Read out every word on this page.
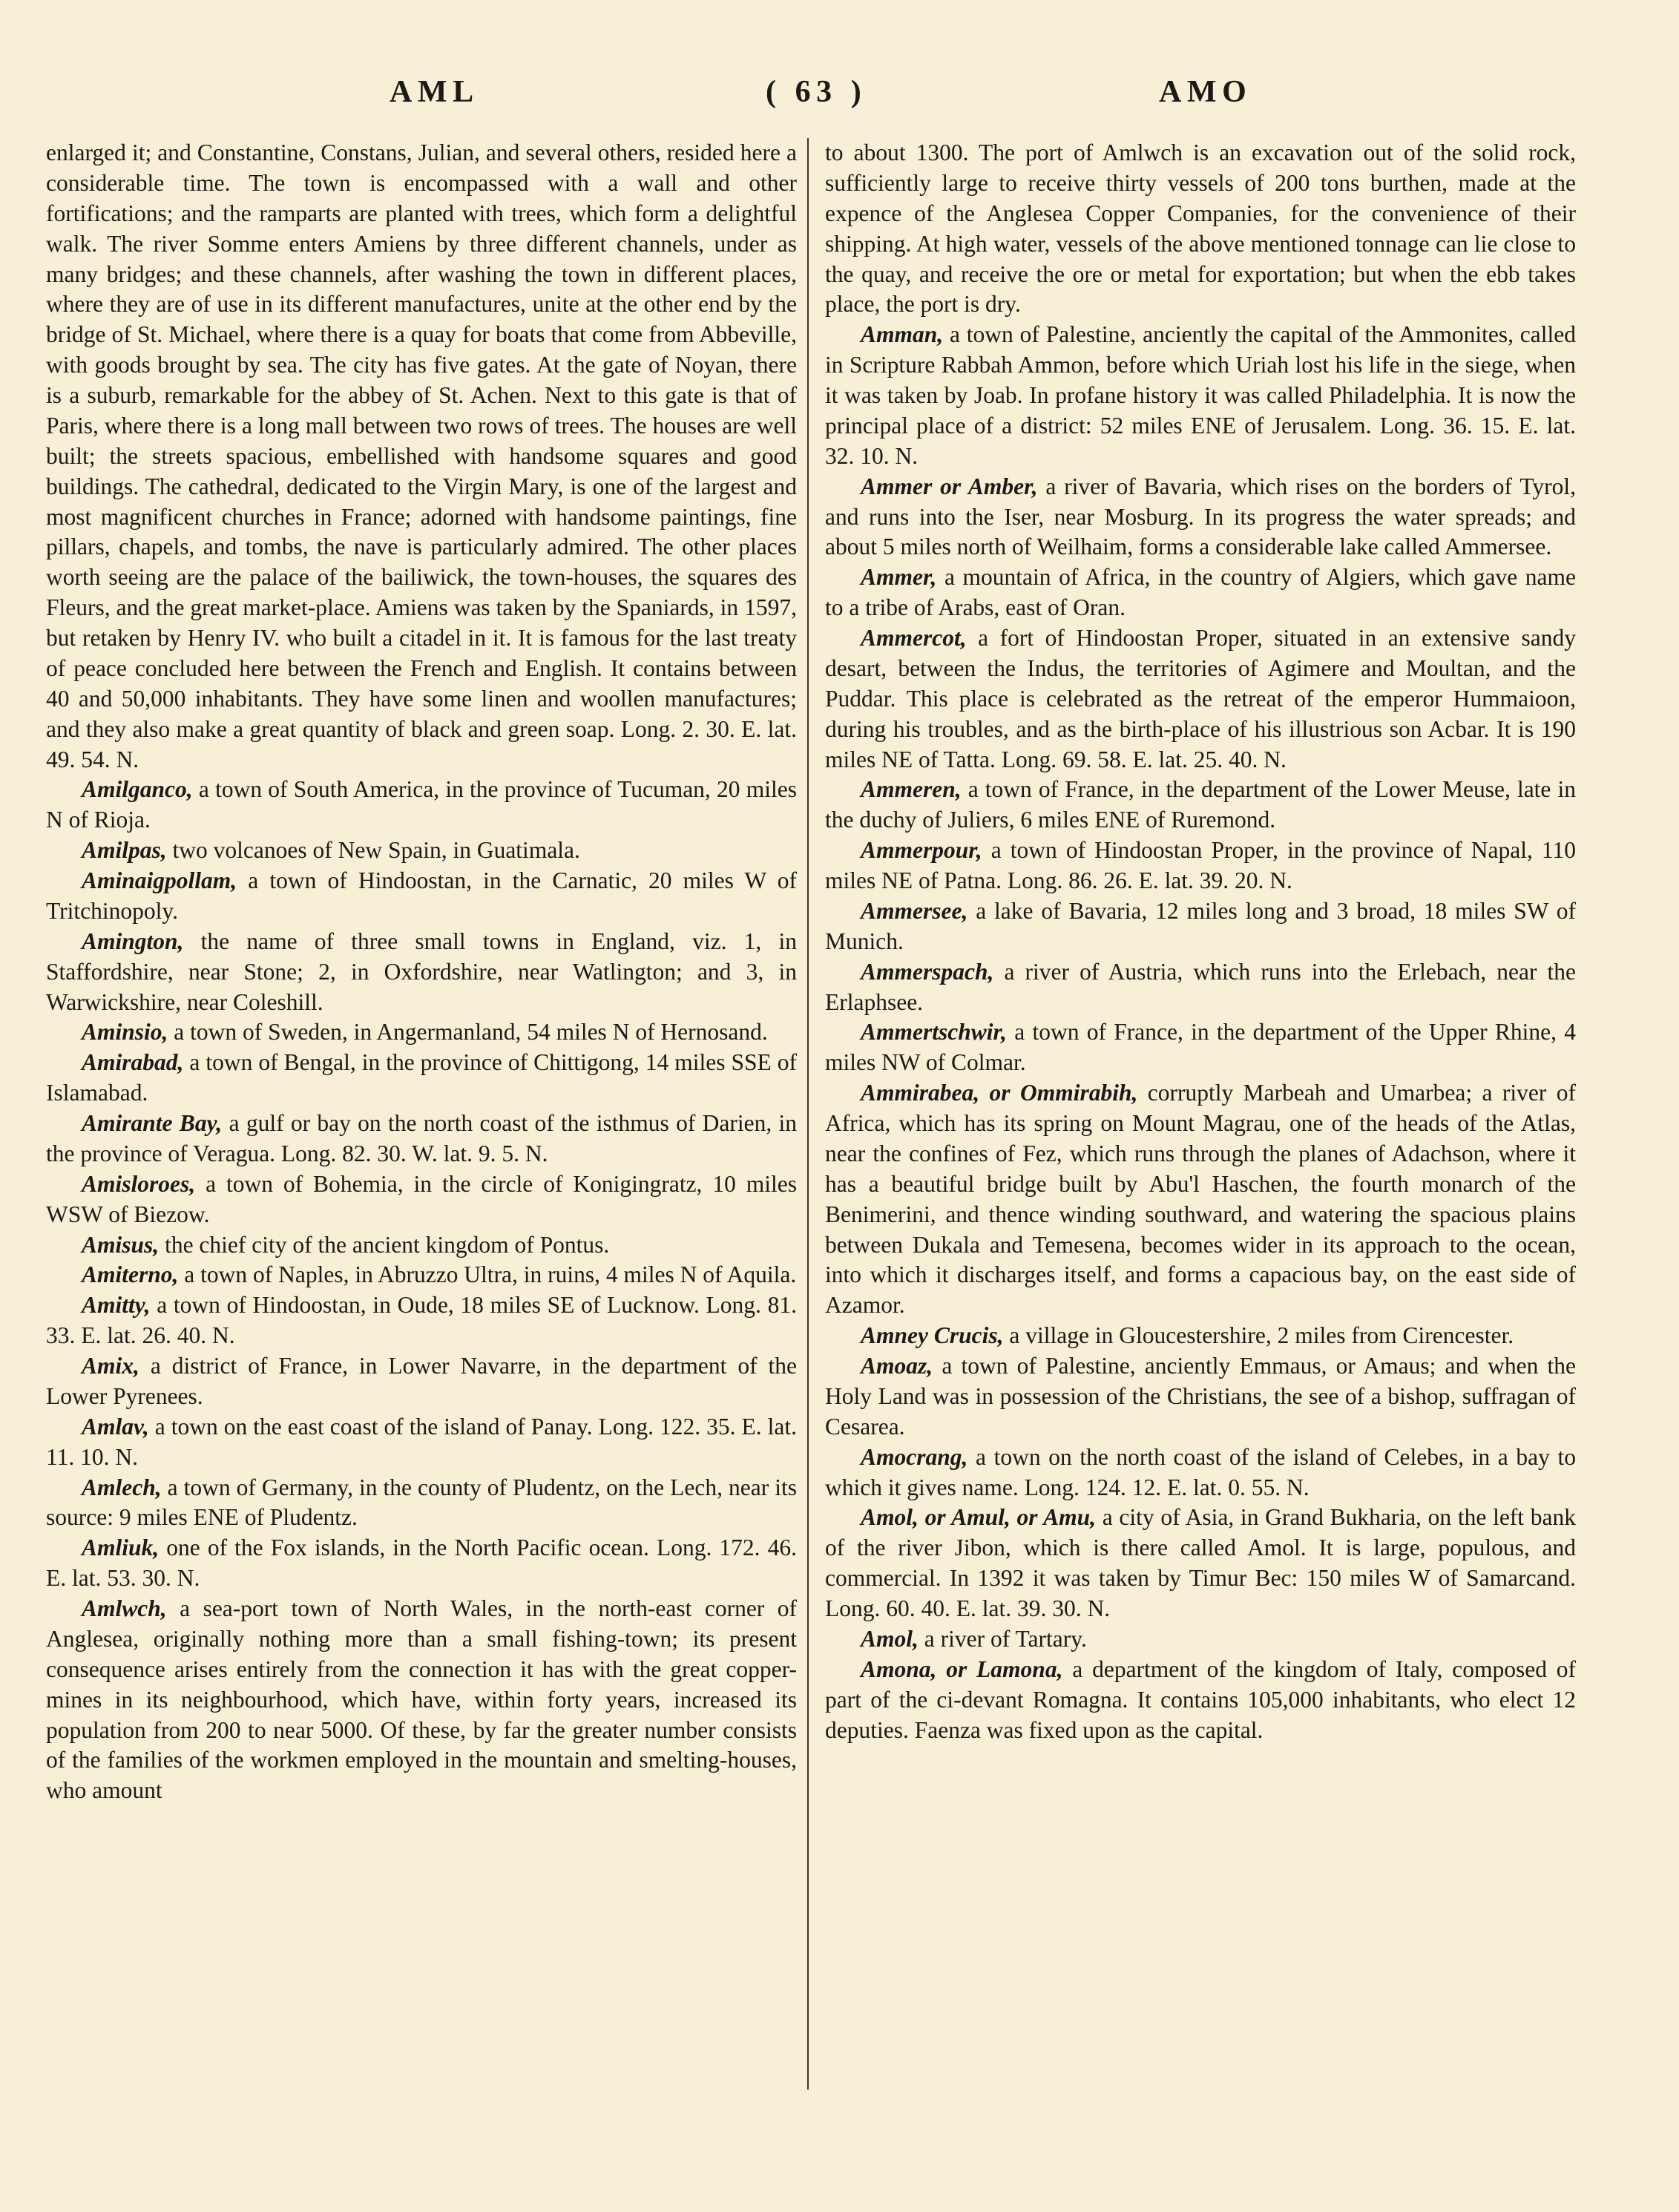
AML	( 63 )	AMO

enlarged it; and Constantine, Constans, Julian, and several others, resided here a considerable time. The town is encompassed with a wall and other fortifications; and the ramparts are planted with trees, which form a delightful walk. The river Somme enters Amiens by three different channels, under as many bridges; and these channels, after washing the town in different places, where they are of use in its different manufactures, unite at the other end by the bridge of St. Michael, where there is a quay for boats that come from Abbeville, with goods brought by sea. The city has five gates. At the gate of Noyan, there is a suburb, remarkable for the abbey of St. Achen. Next to this gate is that of Paris, where there is a long mall between two rows of trees. The houses are well built; the streets spacious, embellished with handsome squares and good buildings. The cathedral, dedicated to the Virgin Mary, is one of the largest and most magnificent churches in France; adorned with handsome paintings, fine pillars, chapels, and tombs, the nave is particularly admired. The other places worth seeing are the palace of the bailiwick, the town-houses, the squares des Fleurs, and the great market-place. Amiens was taken by the Spaniards, in 1597, but retaken by Henry IV. who built a citadel in it. It is famous for the last treaty of peace concluded here between the French and English. It contains between 40 and 50,000 inhabitants. They have some linen and woollen manufactures; and they also make a great quantity of black and green soap. Long. 2. 30. E. lat. 49. 54. N.

Amilganco, a town of South America, in the province of Tucuman, 20 miles N of Rioja.

Amilpas, two volcanoes of New Spain, in Guatimala.

Aminaigpollam, a town of Hindoostan, in the Carnatic, 20 miles W of Tritchinopoly.

Amington, the name of three small towns in England, viz. 1, in Staffordshire, near Stone; 2, in Oxfordshire, near Watlington; and 3, in Warwickshire, near Coleshill.

Aminsio, a town of Sweden, in Angermanland, 54 miles N of Hernosand.

Amirabad, a town of Bengal, in the province of Chittigong, 14 miles SSE of Islamabad.

Amirante Bay, a gulf or bay on the north coast of the isthmus of Darien, in the province of Veragua. Long. 82. 30. W. lat. 9. 5. N.

Amisloroes, a town of Bohemia, in the circle of Konigingratz, 10 miles WSW of Biezow.

Amisus, the chief city of the ancient kingdom of Pontus.

Amiterno, a town of Naples, in Abruzzo Ultra, in ruins, 4 miles N of Aquila.

Amitty, a town of Hindoostan, in Oude, 18 miles SE of Lucknow. Long. 81. 33. E. lat. 26. 40. N.

Amix, a district of France, in Lower Navarre, in the department of the Lower Pyrenees.

Amlav, a town on the east coast of the island of Panay. Long. 122. 35. E. lat. 11. 10. N.

Amlech, a town of Germany, in the county of Pludentz, on the Lech, near its source: 9 miles ENE of Pludentz.

Amliuk, one of the Fox islands, in the North Pacific ocean. Long. 172. 46. E. lat. 53. 30. N.

Amlwch, a sea-port town of North Wales, in the north-east corner of Anglesea, originally nothing more than a small fishing-town; its present consequence arises entirely from the connection it has with the great copper-mines in its neighbourhood, which have, within forty years, increased its population from 200 to near 5000. Of these, by far the greater number consists of the families of the workmen employed in the mountain and smelting-houses, who amount

to about 1300. The port of Amlwch is an excavation out of the solid rock, sufficiently large to receive thirty vessels of 200 tons burthen, made at the expence of the Anglesea Copper Companies, for the convenience of their shipping. At high water, vessels of the above mentioned tonnage can lie close to the quay, and receive the ore or metal for exportation; but when the ebb takes place, the port is dry.

Amman, a town of Palestine, anciently the capital of the Ammonites, called in Scripture Rabbah Ammon, before which Uriah lost his life in the siege, when it was taken by Joab. In profane history it was called Philadelphia. It is now the principal place of a district: 52 miles ENE of Jerusalem. Long. 36. 15. E. lat. 32. 10. N.

Ammer or Amber, a river of Bavaria, which rises on the borders of Tyrol, and runs into the Iser, near Mosburg. In its progress the water spreads; and about 5 miles north of Weilhaim, forms a considerable lake called Ammersee.

Ammer, a mountain of Africa, in the country of Algiers, which gave name to a tribe of Arabs, east of Oran.

Ammercot, a fort of Hindoostan Proper, situated in an extensive sandy desart, between the Indus, the territories of Agimere and Moultan, and the Puddar. This place is celebrated as the retreat of the emperor Hummaioon, during his troubles, and as the birth-place of his illustrious son Acbar. It is 190 miles NE of Tatta. Long. 69. 58. E. lat. 25. 40. N.

Ammeren, a town of France, in the department of the Lower Meuse, late in the duchy of Juliers, 6 miles ENE of Ruremond.

Ammerpour, a town of Hindoostan Proper, in the province of Napal, 110 miles NE of Patna. Long. 86. 26. E. lat. 39. 20. N.

Ammersee, a lake of Bavaria, 12 miles long and 3 broad, 18 miles SW of Munich.

Ammerspach, a river of Austria, which runs into the Erlebach, near the Erlaphsee.

Ammertschwir, a town of France, in the department of the Upper Rhine, 4 miles NW of Colmar.

Ammirabea, or Ommirabih, corruptly Marbeah and Umarbea; a river of Africa, which has its spring on Mount Magrau, one of the heads of the Atlas, near the confines of Fez, which runs through the planes of Adachson, where it has a beautiful bridge built by Abu'l Haschen, the fourth monarch of the Benimerini, and thence winding southward, and watering the spacious plains between Dukala and Temesena, becomes wider in its approach to the ocean, into which it discharges itself, and forms a capacious bay, on the east side of Azamor.

Amney Crucis, a village in Gloucestershire, 2 miles from Cirencester.

Amoaz, a town of Palestine, anciently Emmaus, or Amaus; and when the Holy Land was in possession of the Christians, the see of a bishop, suffragan of Cesarea.

Amocrang, a town on the north coast of the island of Celebes, in a bay to which it gives name. Long. 124. 12. E. lat. 0. 55. N.

Amol, or Amul, or Amu, a city of Asia, in Grand Bukharia, on the left bank of the river Jibon, which is there called Amol. It is large, populous, and commercial. In 1392 it was taken by Timur Bec: 150 miles W of Samarcand. Long. 60. 40. E. lat. 39. 30. N.

Amol, a river of Tartary.

Amona, or Lamona, a department of the kingdom of Italy, composed of part of the ci-devant Romagna. It contains 105,000 inhabitants, who elect 12 deputies. Faenza was fixed upon as the capital.
